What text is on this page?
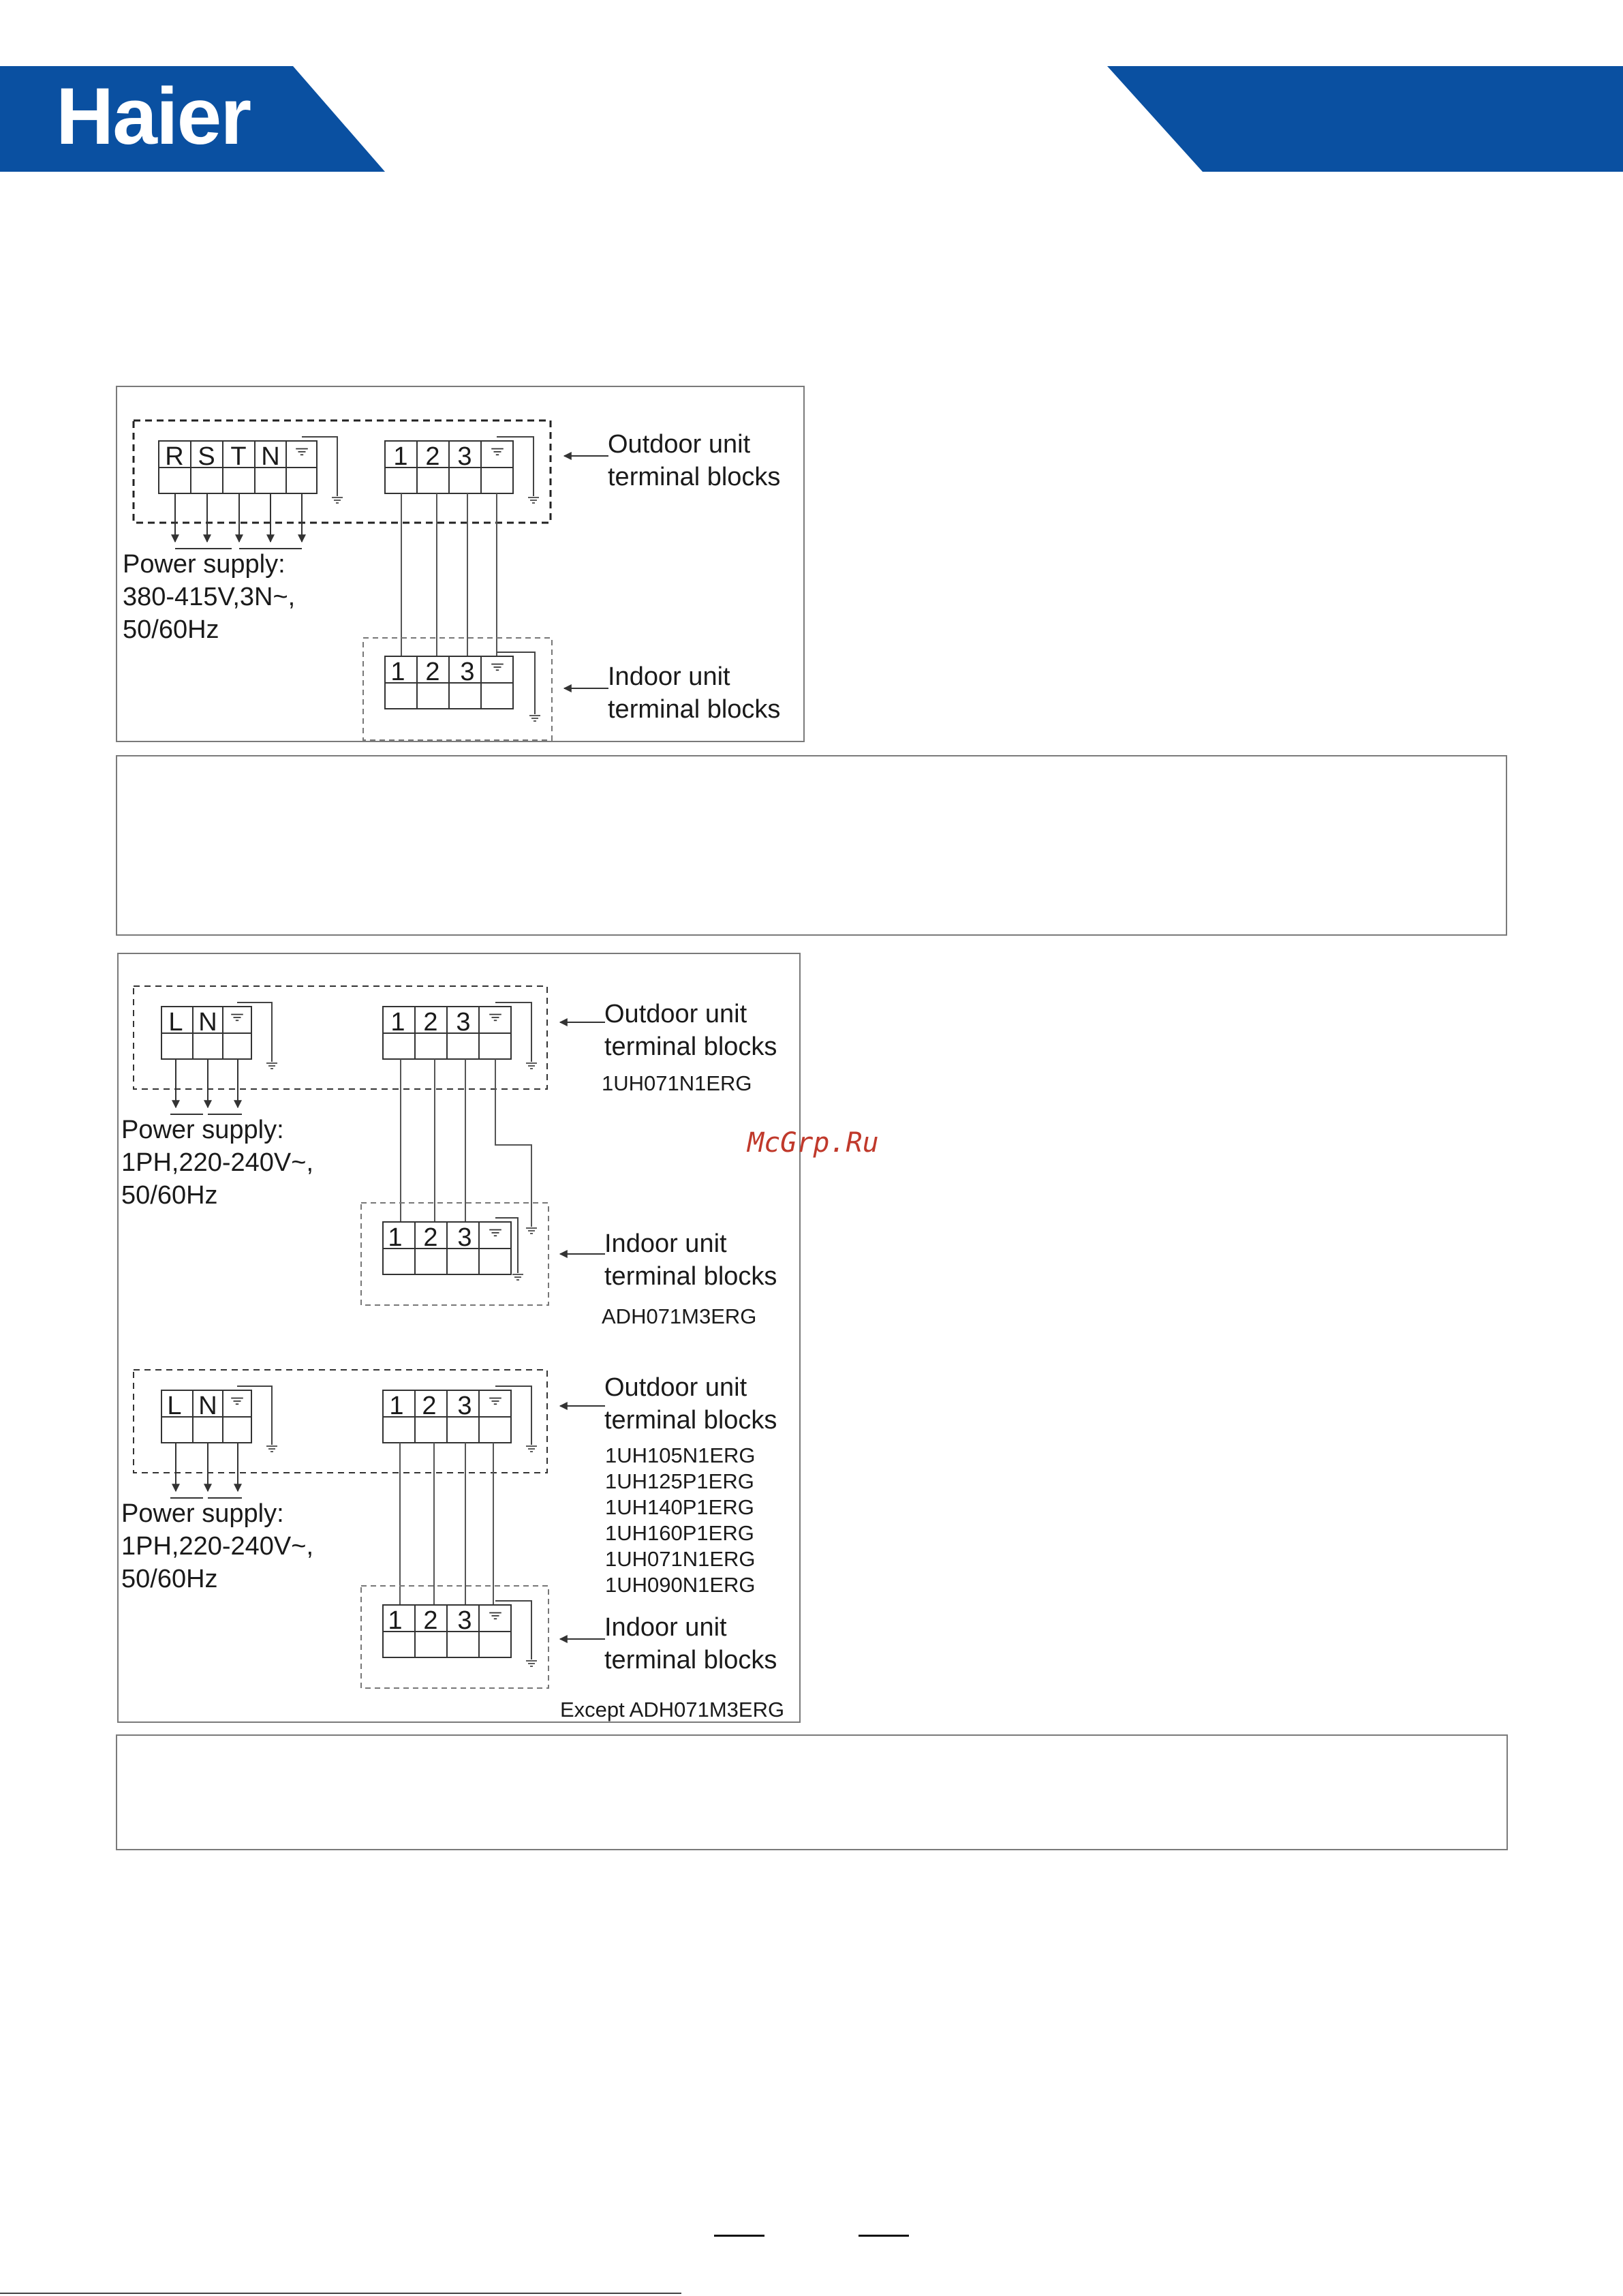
Haier
R S T N	1 2 3
1 2 3
Outdoor unit
terminal blocks
Indoor unit
terminal blocks
Power supply:
380-415V,3N~,
50/60Hz
L N	1 2 3
1 2 3
Outdoor unit
terminal blocks
1UH071N1ERG
Indoor unit
terminal blocks
ADH071M3ERG
Power supply:
1PH,220-240V~,
50/60Hz
L N	1 2 3
1 2 3
Outdoor unit
terminal blocks
1UH105N1ERG
1UH125P1ERG
1UH140P1ERG
1UH160P1ERG
1UH071N1ERG
1UH090N1ERG
Indoor unit
terminal blocks
Except ADH071M3ERG
Power supply:
1PH,220-240V~,
50/60Hz
McGrp.Ru
